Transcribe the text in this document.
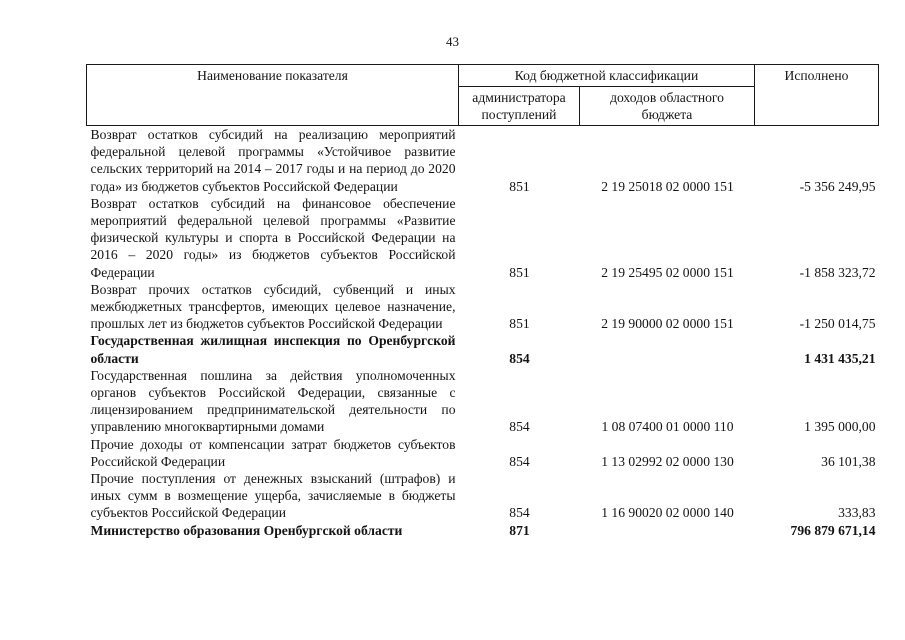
43
Наименование показателя	Код бюджетной классификации		Исполнено
	администратора поступлений	доходов областного бюджета	
Возврат остатков субсидий на реализацию мероприятий федеральной целевой программы «Устойчивое развитие сельских территорий на 2014 – 2017 годы и на период до 2020 года» из бюджетов субъектов Российской Федерации	851	2 19 25018 02 0000 151	-5 356 249,95
Возврат остатков субсидий на финансовое обеспечение мероприятий федеральной целевой программы «Развитие физической культуры и спорта в Российской Федерации на 2016 – 2020 годы» из бюджетов субъектов Российской Федерации	851	2 19 25495 02 0000 151	-1 858 323,72
Возврат прочих остатков субсидий, субвенций и иных межбюджетных трансфертов, имеющих целевое назначение, прошлых лет из бюджетов субъектов Российской Федерации	851	2 19 90000 02 0000 151	-1 250 014,75
Государственная жилищная инспекция по Оренбургской области	854		1 431 435,21
Государственная пошлина за действия уполномоченных органов субъектов Российской Федерации, связанные с лицензированием предпринимательской деятельности по управлению многоквартирными домами	854	1 08 07400 01 0000 110	1 395 000,00
Прочие доходы от компенсации затрат бюджетов субъектов Российской Федерации	854	1 13 02992 02 0000 130	36 101,38
Прочие поступления от денежных взысканий (штрафов) и иных сумм в возмещение ущерба, зачисляемые в бюджеты субъектов Российской Федерации	854	1 16 90020 02 0000 140	333,83
Министерство образования Оренбургской области	871		796 879 671,14
